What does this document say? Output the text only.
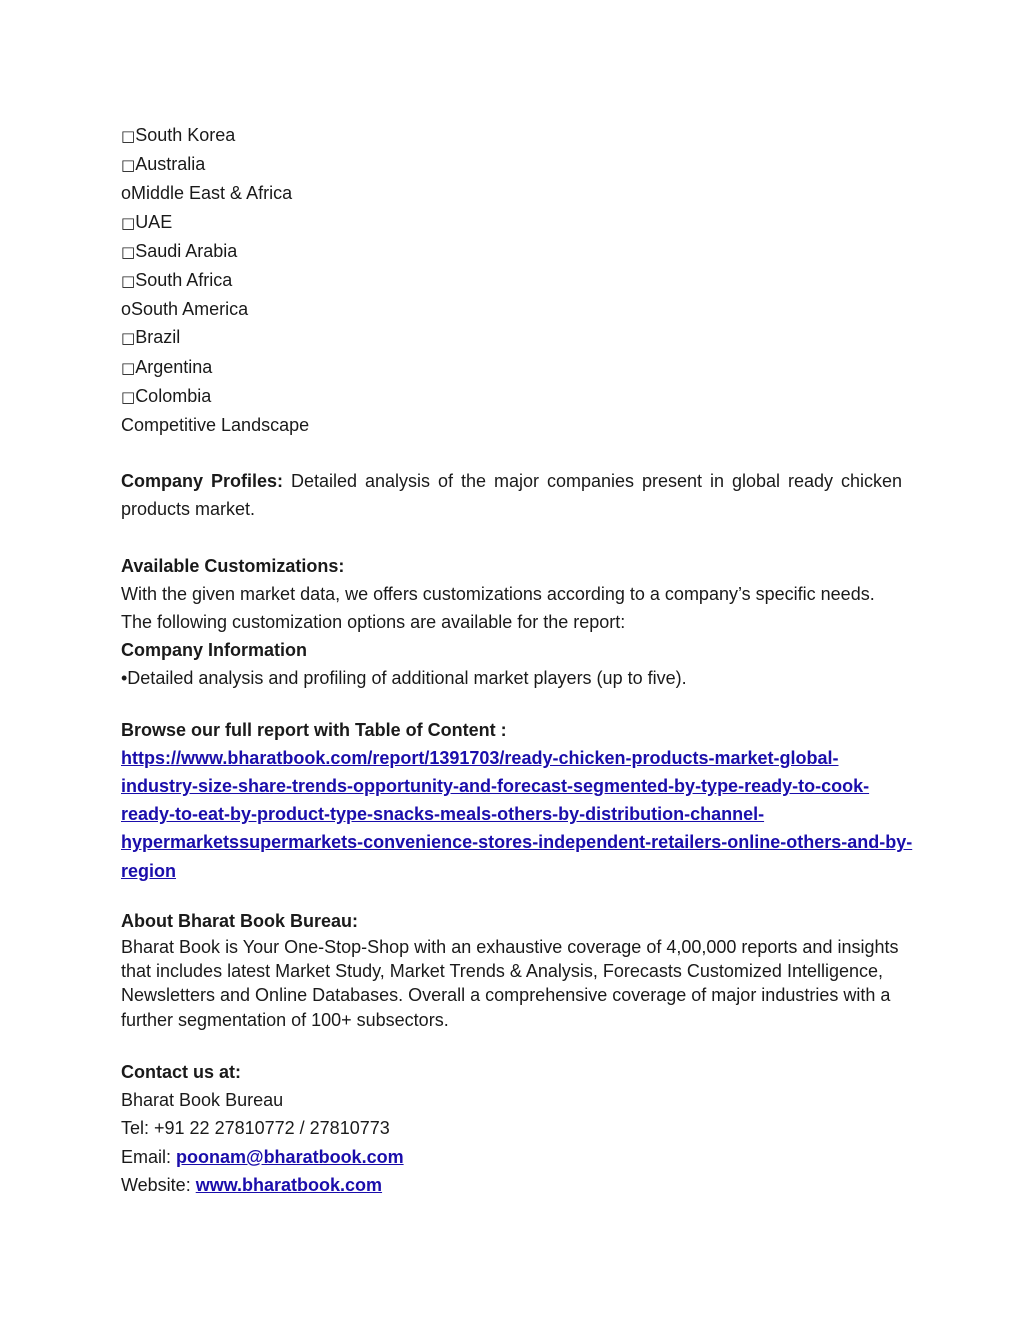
□South Korea
□Australia
oMiddle East & Africa
□UAE
□Saudi Arabia
□South Africa
oSouth America
□Brazil
□Argentina
□Colombia
Competitive Landscape
Company Profiles: Detailed analysis of the major companies present in global ready chicken products market.
Available Customizations:
With the given market data, we offers customizations according to a company’s specific needs. The following customization options are available for the report:
Company Information
•Detailed analysis and profiling of additional market players (up to five).
Browse our full report with Table of Content :
https://www.bharatbook.com/report/1391703/ready-chicken-products-market-global-
industry-size-share-trends-opportunity-and-forecast-segmented-by-type-ready-to-cook-
ready-to-eat-by-product-type-snacks-meals-others-by-distribution-channel-
hypermarketssupermarkets-convenience-stores-independent-retailers-online-others-and-by-
region
About Bharat Book Bureau:
Bharat Book is Your One-Stop-Shop with an exhaustive coverage of 4,00,000 reports and insights that includes latest Market Study, Market Trends & Analysis, Forecasts Customized Intelligence, Newsletters and Online Databases. Overall a comprehensive coverage of major industries with a further segmentation of 100+ subsectors.
Contact us at:
Bharat Book Bureau
Tel: +91 22 27810772 / 27810773
Email: poonam@bharatbook.com
Website: www.bharatbook.com
